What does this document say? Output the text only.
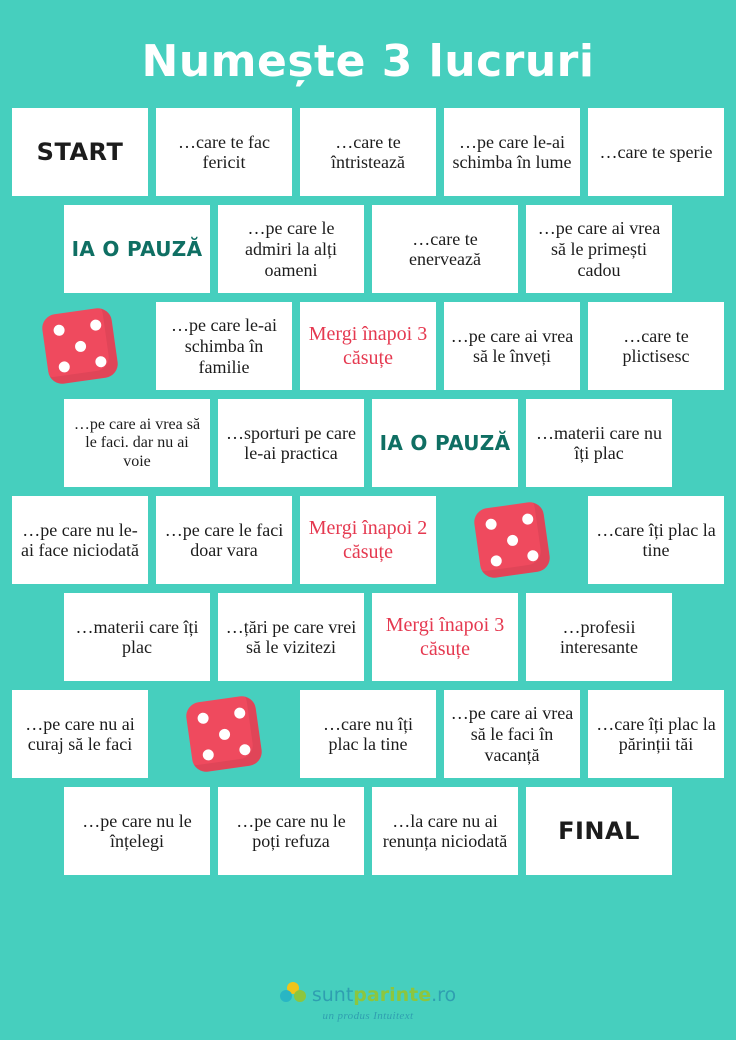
Numește 3 lucruri
START	…care te fac fericit
…care te întristează
…pe care le-ai schimba în lume
…care te sperie
IA O PAUZĂ
…pe care le admiri la alți oameni
…care te enervează
…pe care ai vrea să le primești cadou
…pe care le-ai schimba în familie
Mergi înapoi 3 căsuțe
…pe care ai vrea să le înveți
…care te plictisesc
…pe care ai vrea să le faci. dar nu ai voie
…sporturi pe care le-ai practica	IA O PAUZĂ …materii care nu îți plac
…pe care nu le-ai face niciodată
…pe care le faci doar vara
Mergi înapoi 2 căsuțe
…care îți plac la tine
…materii care îți plac
…țări pe care vrei să le vizitezi
Mergi înapoi 3 căsuțe
…profesii interesante
…pe care nu ai curaj să le faci
…care nu îți plac la tine
…pe care ai vrea să le faci în vacanță
…care îți plac la părinții tăi
…pe care nu le înțelegi
…pe care nu le poți refuza
…la care nu ai renunța niciodată FINAL
suntparinte.ro
un produs Intuitext
